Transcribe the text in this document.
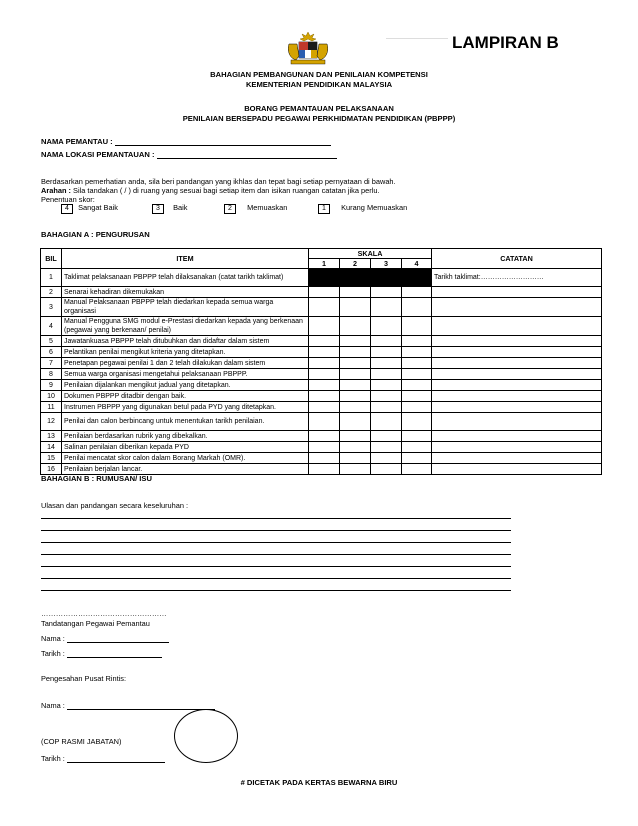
LAMPIRAN B
BAHAGIAN PEMBANGUNAN DAN PENILAIAN KOMPETENSI
KEMENTERIAN PENDIDIKAN MALAYSIA
BORANG PEMANTAUAN PELAKSANAAN
PENILAIAN BERSEPADU PEGAWAI PERKHIDMATAN PENDIDIKAN (PBPPP)
NAMA PEMANTAU :
NAMA LOKASI PEMANTAUAN :
Berdasarkan pemerhatian anda, sila beri pandangan yang ikhlas dan tepat bagi setiap pernyataan di bawah.
Arahan : Sila tandakan ( / ) di ruang yang sesuai bagi setiap item dan isikan ruangan catatan jika perlu.
Penentuan skor:
4 Sangat Baik	3 Baik	2 Memuaskan	1 Kurang Memuaskan
BAHAGIAN A : PENGURUSAN
BIL	ITEM	SKALA				CATATAN
		1	2	3	4	
1	Taklimat pelaksanaan PBPPP telah dilaksanakan (catat tarikh taklimat)					Tarikh taklimat:………………………
2	Senarai kehadiran dikemukakan					
3	Manual Pelaksanaan PBPPP telah diedarkan kepada semua warga organisasi					
4	Manual Pengguna SMG modul e-Prestasi diedarkan kepada yang berkenaan (pegawai yang berkenaan/ penilai)					
5	Jawatankuasa PBPPP telah ditubuhkan dan didaftar dalam sistem					
6	Pelantikan penilai mengikut kriteria yang ditetapkan.					
7	Penetapan pegawai penilai 1 dan 2 telah dilakukan dalam sistem					
8	Semua warga organisasi mengetahui pelaksanaan PBPPP.					
9	Penilaian dijalankan mengikut jadual yang ditetapkan.					
10	Dokumen PBPPP ditadbir dengan baik.					
11	Instrumen PBPPP yang digunakan betul pada PYD yang ditetapkan.					
12	Penilai dan calon berbincang untuk menentukan tarikh penilaian.					
13	Penilaian berdasarkan rubrik yang dibekalkan.					
14	Salinan penilaian diberikan kepada PYD					
15	Penilai mencatat skor calon dalam Borang Markah (OMR).					
16	Penilaian berjalan lancar.					
BAHAGIAN B : RUMUSAN/ ISU
Ulasan dan pandangan secara keseluruhan :
……………………………………………
Tandatangan Pegawai Pemantau
Nama :
Tarikh :
Pengesahan Pusat Rintis:
Nama :
(COP RASMI JABATAN)
Tarikh :
# DICETAK PADA KERTAS BEWARNA BIRU
